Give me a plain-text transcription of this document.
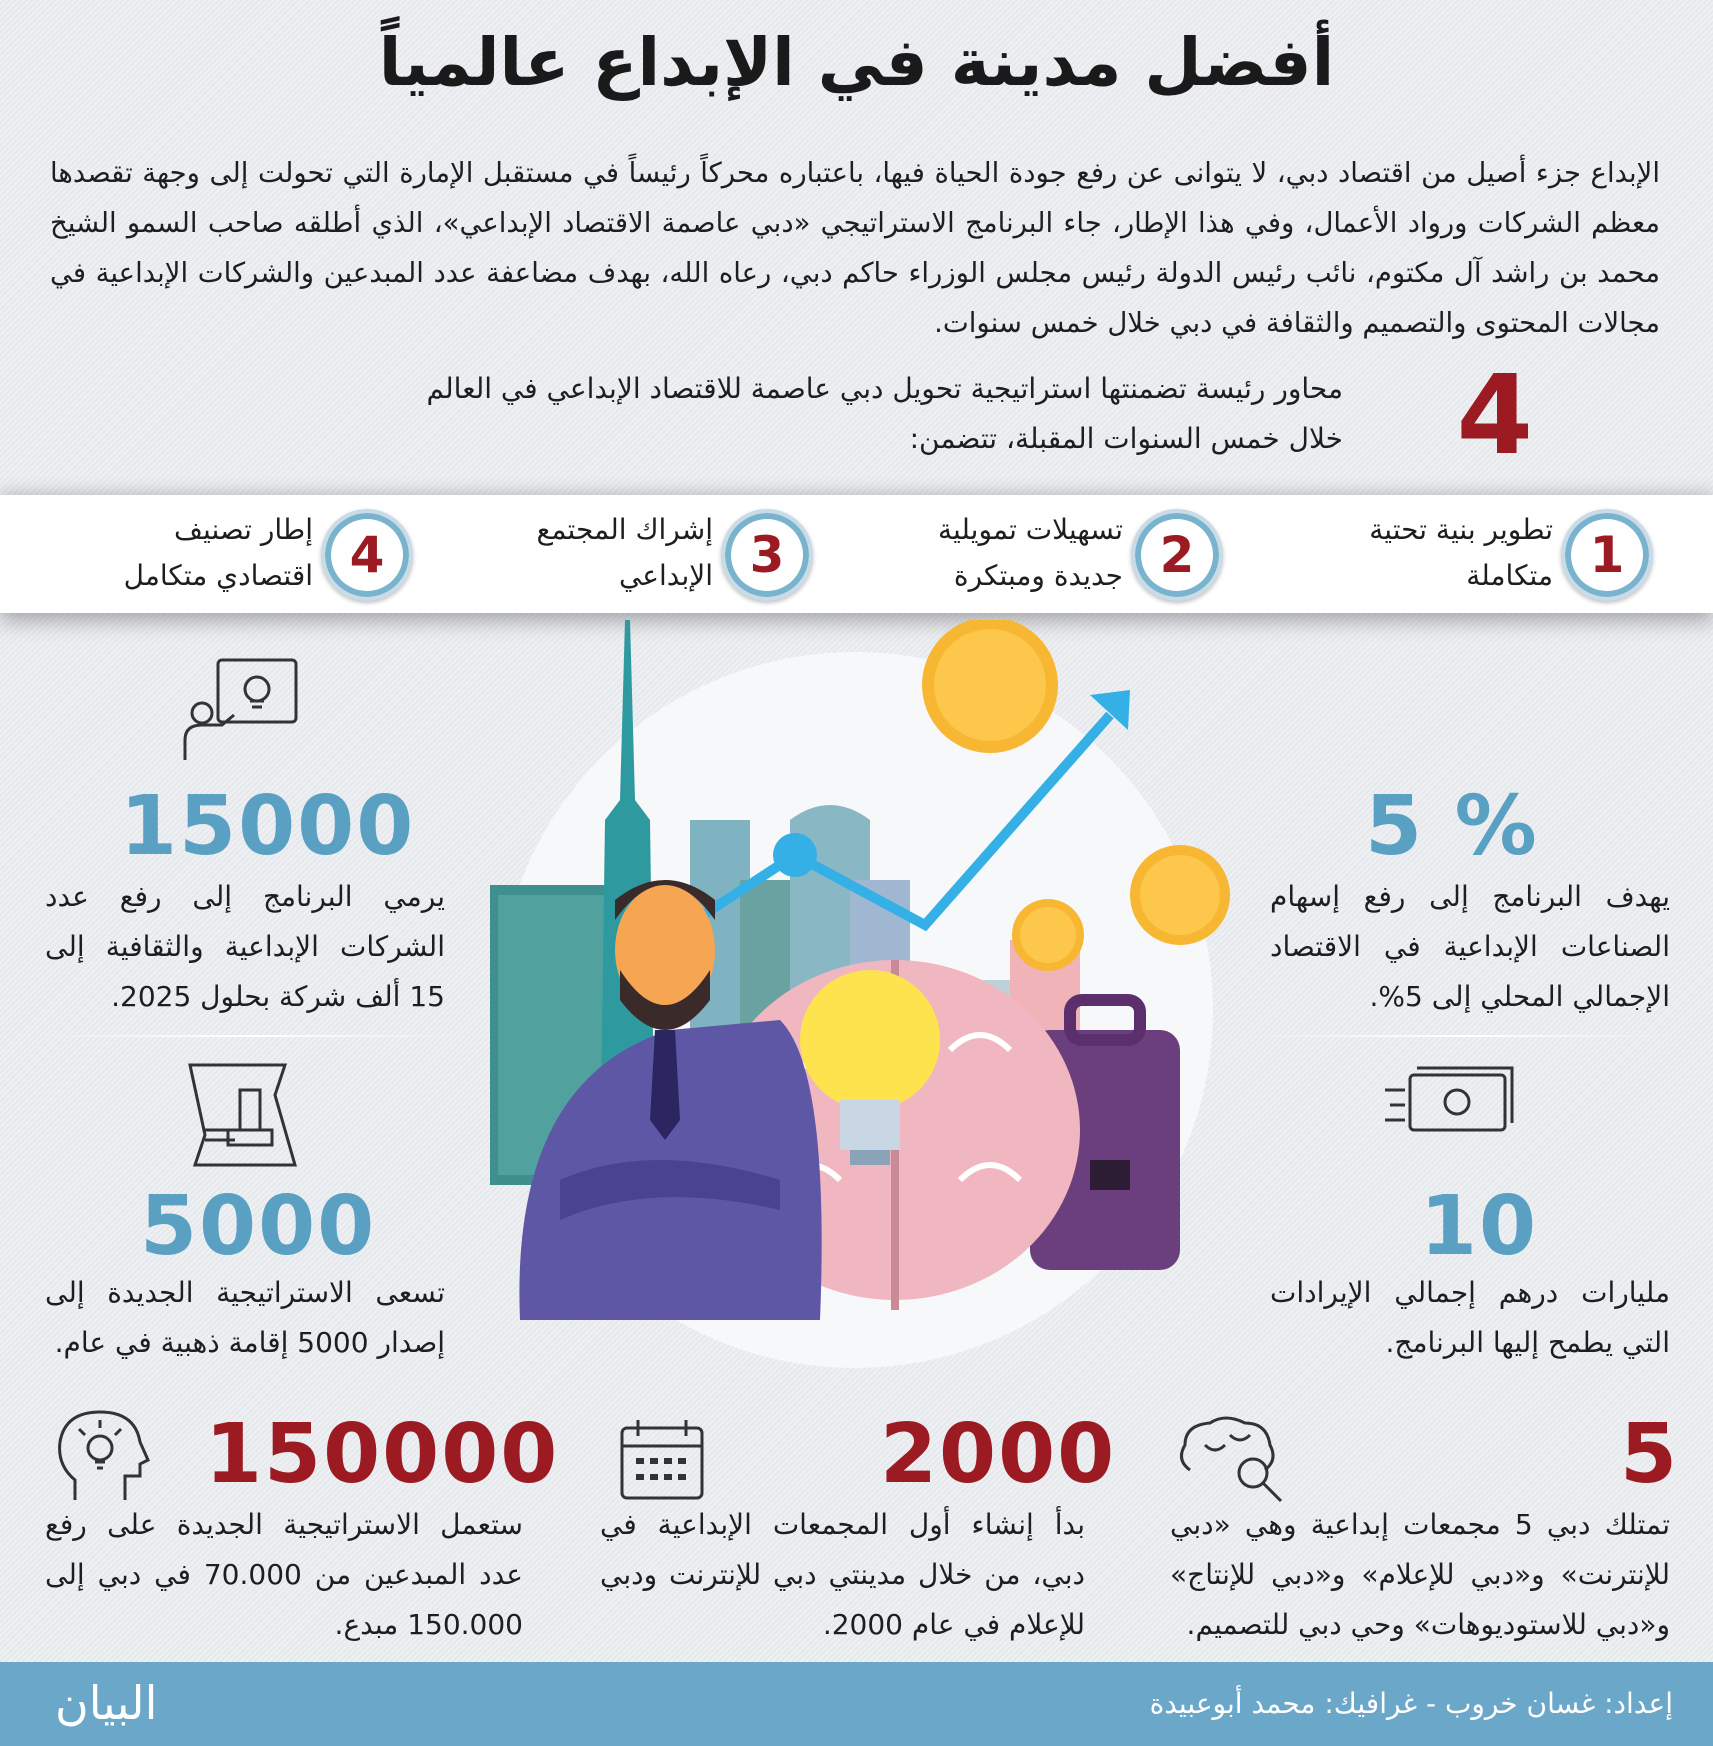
أفضل مدينة في الإبداع عالمياً
الإبداع جزء أصيل من اقتصاد دبي، لا يتوانى عن رفع جودة الحياة فيها، باعتباره محركاً رئيساً في مستقبل الإمارة التي تحولت إلى وجهة تقصدها معظم الشركات ورواد الأعمال، وفي هذا الإطار، جاء البرنامج الاستراتيجي «دبي عاصمة الاقتصاد الإبداعي»، الذي أطلقه صاحب السمو الشيخ محمد بن راشد آل مكتوم، نائب رئيس الدولة رئيس مجلس الوزراء حاكم دبي، رعاه الله، بهدف مضاعفة عدد المبدعين والشركات الإبداعية في مجالات المحتوى والتصميم والثقافة في دبي خلال خمس سنوات.
4
محاور رئيسة تضمنتها استراتيجية تحويل دبي عاصمة للاقتصاد الإبداعي في العالم
خلال خمس السنوات المقبلة، تتضمن:
1
تطوير بنية تحتية
متكاملة
2
تسهيلات تمويلية
جديدة ومبتكرة
3
إشراك المجتمع
الإبداعي
4
إطار تصنيف
اقتصادي متكامل
15000
يرمي البرنامج إلى رفع عدد الشركات الإبداعية والثقافية إلى 15 ألف شركة بحلول 2025.
5000
تسعى الاستراتيجية الجديدة إلى إصدار 5000 إقامة ذهبية في عام.
5 %
يهدف البرنامج إلى رفع إسهام الصناعات الإبداعية في الاقتصاد الإجمالي المحلي إلى 5%.
10
مليارات درهم إجمالي الإيرادات التي يطمح إليها البرنامج.
150000
ستعمل الاستراتيجية الجديدة على رفع عدد المبدعين من 70.000 في دبي إلى 150.000 مبدع.
2000
بدأ إنشاء أول المجمعات الإبداعية في دبي، من خلال مدينتي دبي للإنترنت ودبي للإعلام في عام 2000.
5
تمتلك دبي 5 مجمعات إبداعية وهي «دبي للإنترنت» و«دبي للإعلام» و«دبي للإنتاج» و«دبي للاستوديوهات» وحي دبي للتصميم.
إعداد: غسان خروب - غرافيك: محمد أبوعبيدة
البيان
